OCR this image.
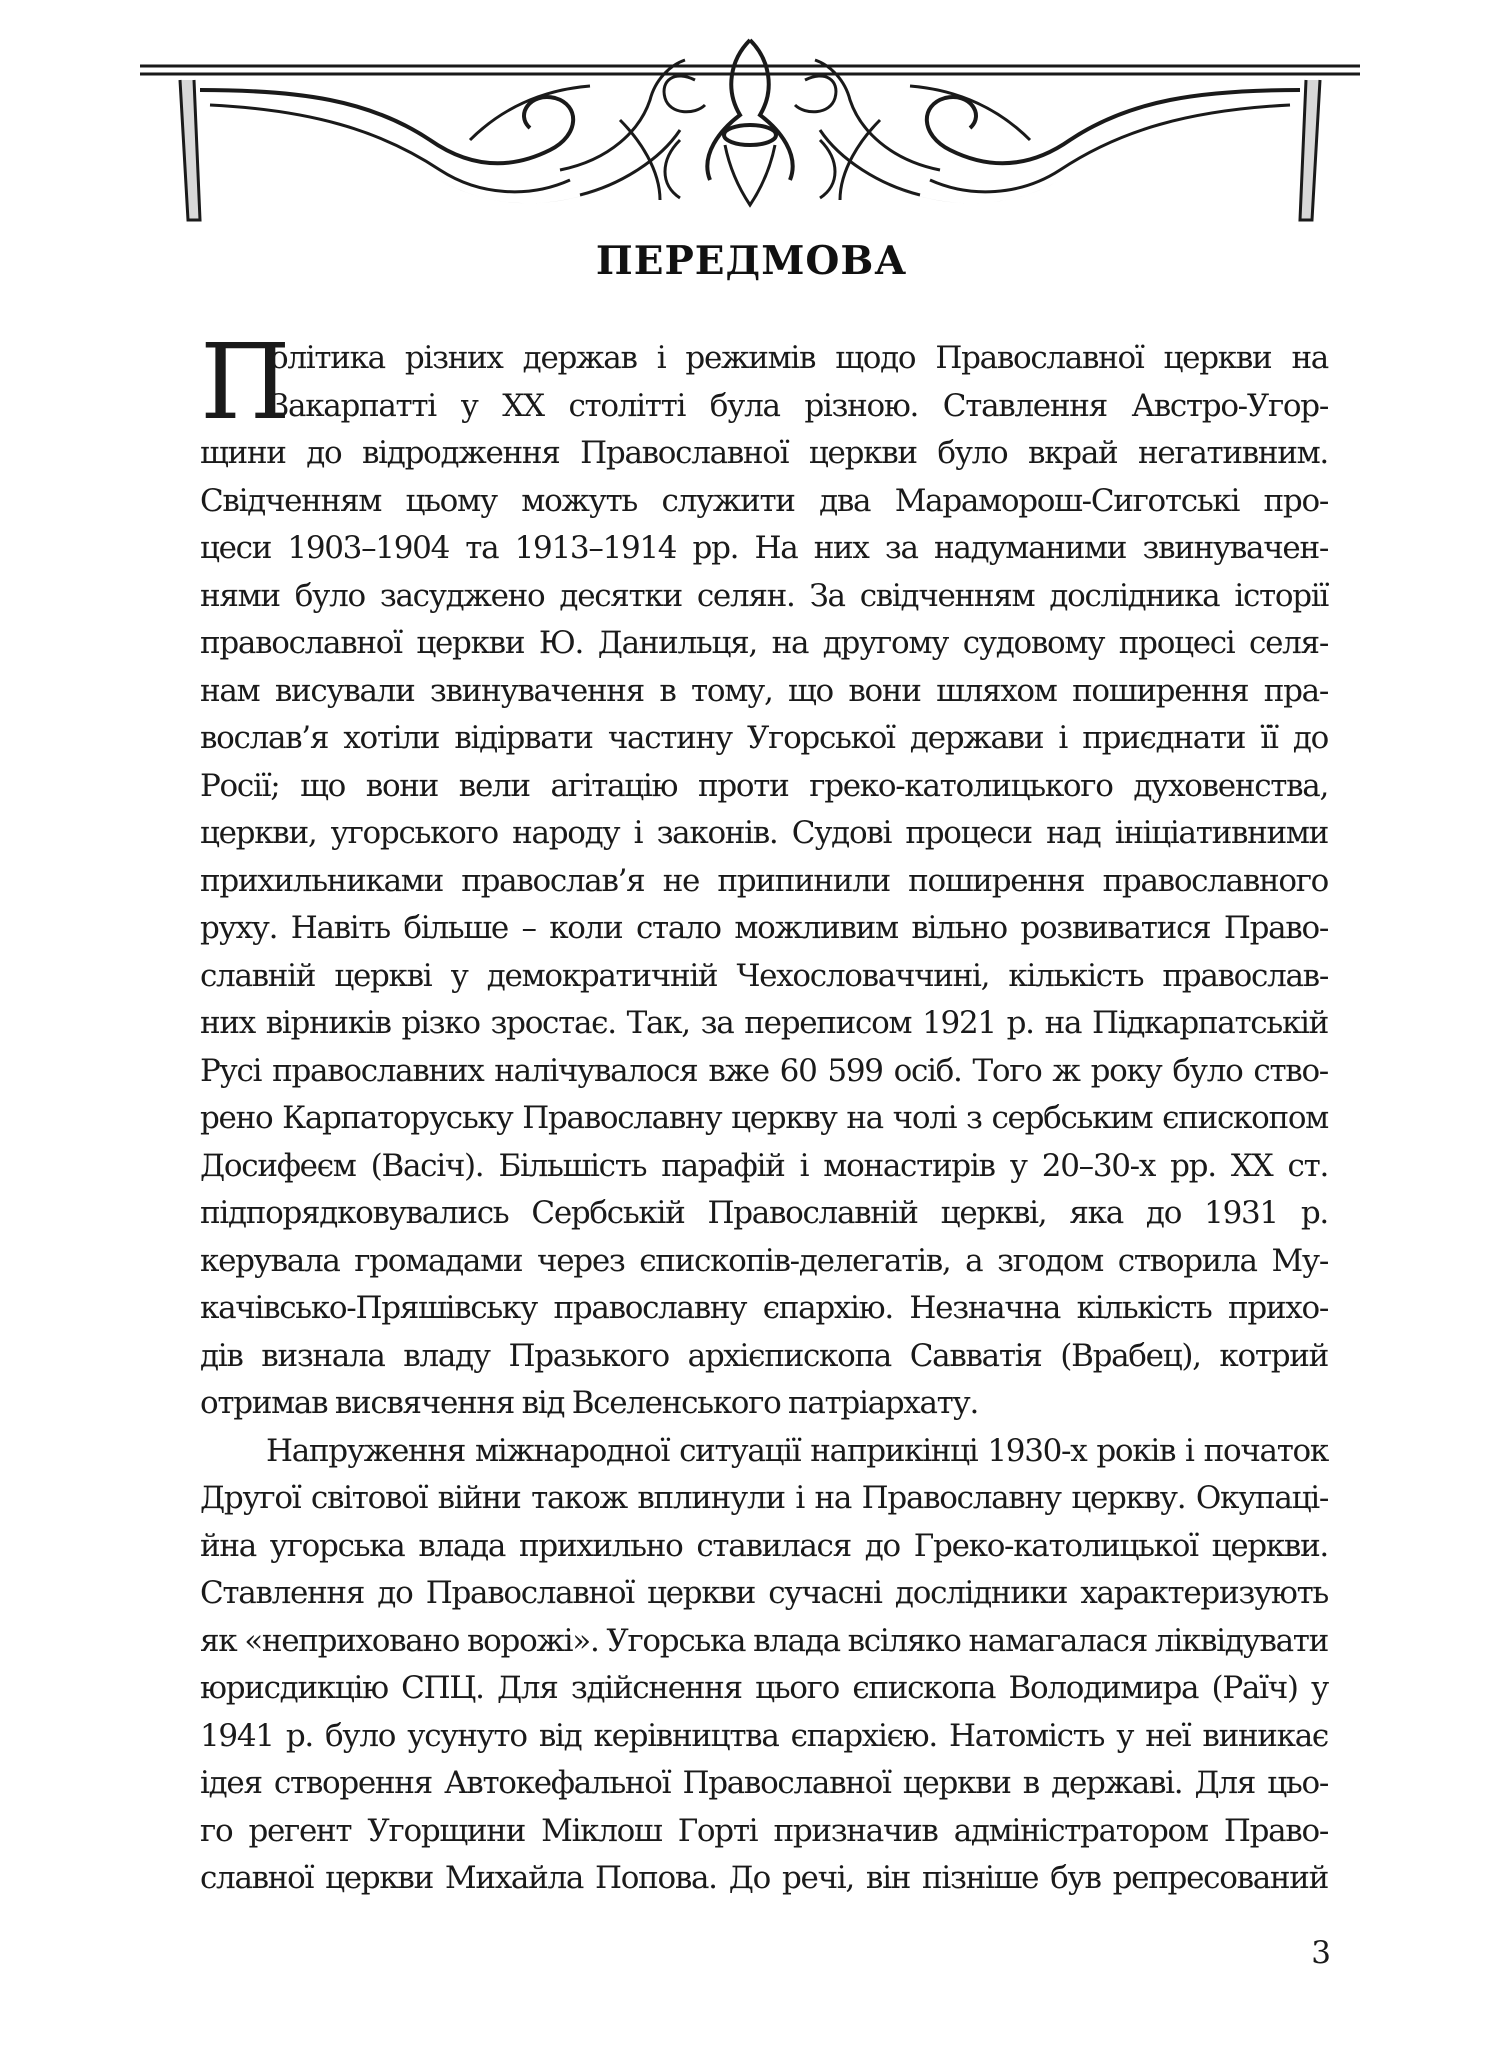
ПЕРЕДМОВА
П
олітика різних держав і режимів щодо Православної церкви на
Закарпатті у ХХ столітті була різною. Ставлення Австро-Угор-
щини до відродження Православної церкви було вкрай негативним.
Свідченням цьому можуть служити два Мараморош-Сиготські про-
цеси 1903–1904 та 1913–1914 рр. На них за надуманими звинувачен-
нями було засуджено десятки селян. За свідченням дослідника історії
православної церкви Ю. Данильця, на другому судовому процесі селя-
нам висували звинувачення в тому, що вони шляхом поширення пра-
вослав’я хотіли відірвати частину Угорської держави і приєднати її до
Росії; що вони вели агітацію проти греко-католицького духовенства,
церкви, угорського народу і законів. Судові процеси над ініціативними
прихильниками православ’я не припинили поширення православного
руху. Навіть більше – коли стало можливим вільно розвиватися Право-
славній церкві у демократичній Чехословаччині, кількість православ-
них вірників різко зростає. Так, за переписом 1921 р. на Підкарпатській
Русі православних налічувалося вже 60 599 осіб. Того ж року було ство-
рено Карпаторуську Православну церкву на чолі з сербським єпископом
Досифеєм (Васіч). Більшість парафій і монастирів у 20–30-х рр. ХХ ст.
підпорядковувались Сербській Православній церкві, яка до 1931 р.
керувала громадами через єпископів-делегатів, а згодом створила Му-
качівсько-Пряшівську православну єпархію. Незначна кількість прихо-
дів визнала владу Празького архієпископа Савватія (Врабец), котрий
отримав висвячення від Вселенського патріархату.
Напруження міжнародної ситуації наприкінці 1930-х років і початок
Другої світової війни також вплинули і на Православну церкву. Окупаці-
йна угорська влада прихильно ставилася до Греко-католицької церкви.
Ставлення до Православної церкви сучасні дослідники характеризують
як «неприховано ворожі». Угорська влада всіляко намагалася ліквідувати
юрисдикцію СПЦ. Для здійснення цього єпископа Володимира (Раїч) у
1941 р. було усунуто від керівництва єпархією. Натомість у неї виникає
ідея створення Автокефальної Православної церкви в державі. Для цьо-
го регент Угорщини Міклош Горті призначив адміністратором Право-
славної церкви Михайла Попова. До речі, він пізніше був репресований
3
